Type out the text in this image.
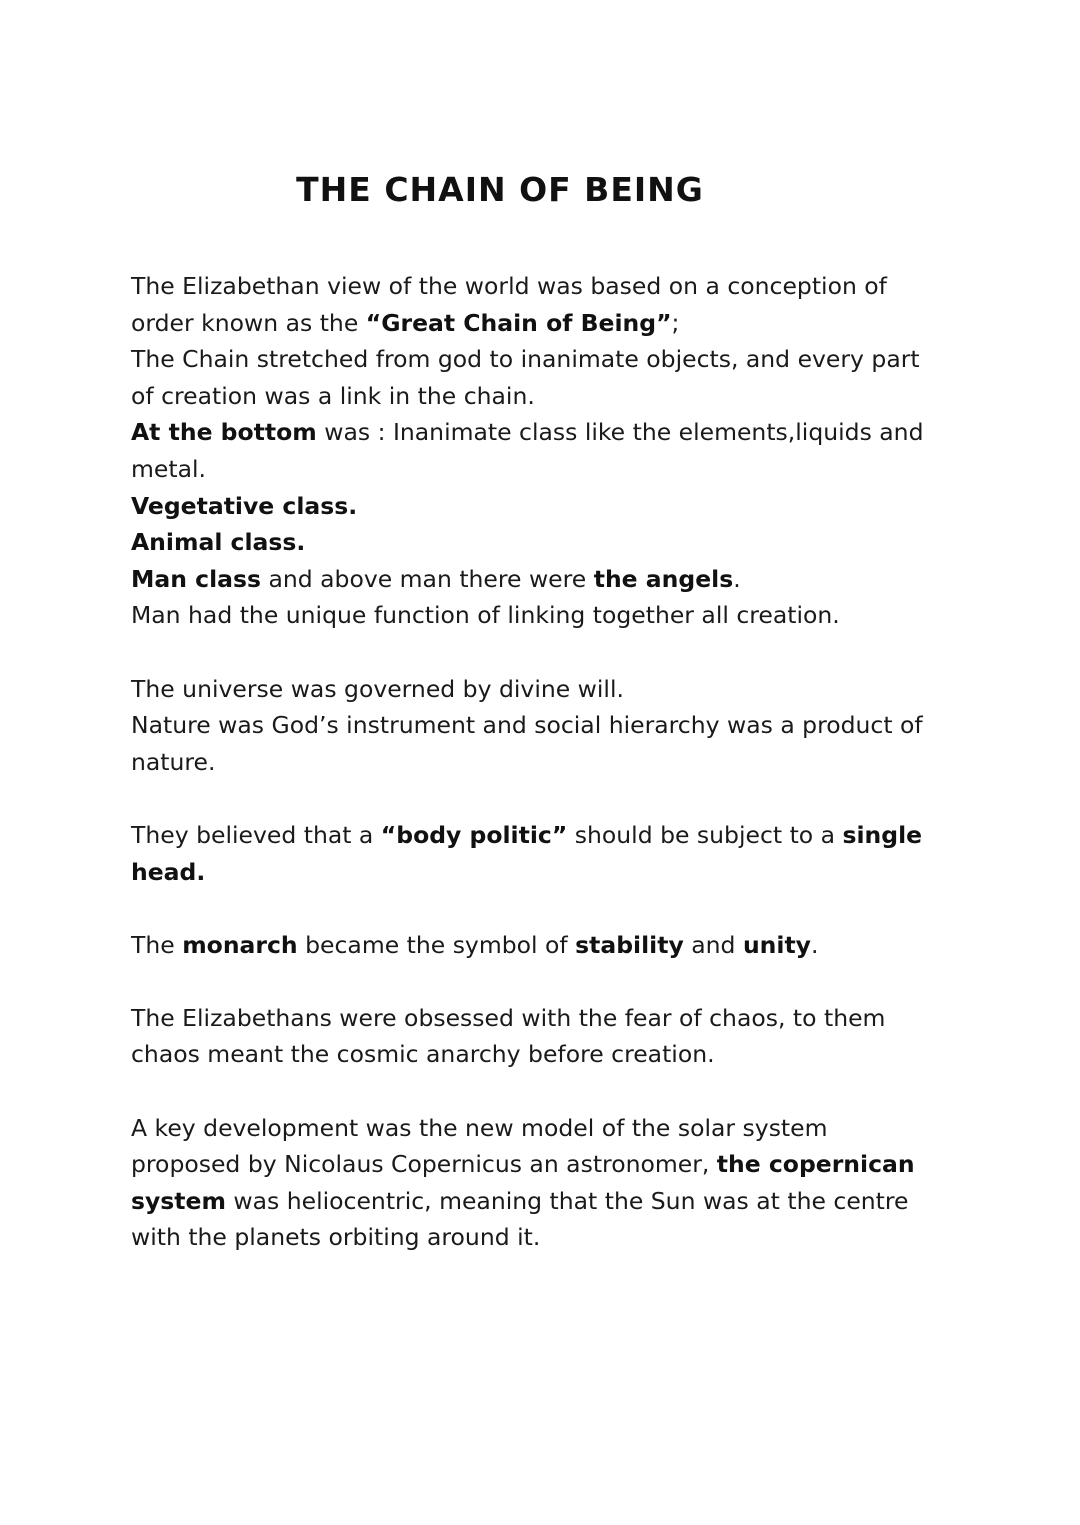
THE CHAIN OF BEING

The Elizabethan view of the world was based on a conception of

order known as the “Great Chain of Being”;

The Chain stretched from god to inanimate objects, and every part

of creation was a link in the chain.

At the bottom was : Inanimate class like the elements,liquids and

metal.

Vegetative class.

Animal class.

Man class and above man there were the angels.

Man had the unique function of linking together all creation.

The universe was governed by divine will.

Nature was God’s instrument and social hierarchy was a product of

nature.

They believed that a “body politic” should be subject to a single

head.

The monarch became the symbol of stability and unity.

The Elizabethans were obsessed with the fear of chaos, to them

chaos meant the cosmic anarchy before creation.

A key development was the new model of the solar system

proposed by Nicolaus Copernicus an astronomer, the copernican

system was heliocentric, meaning that the Sun was at the centre

with the planets orbiting around it.
